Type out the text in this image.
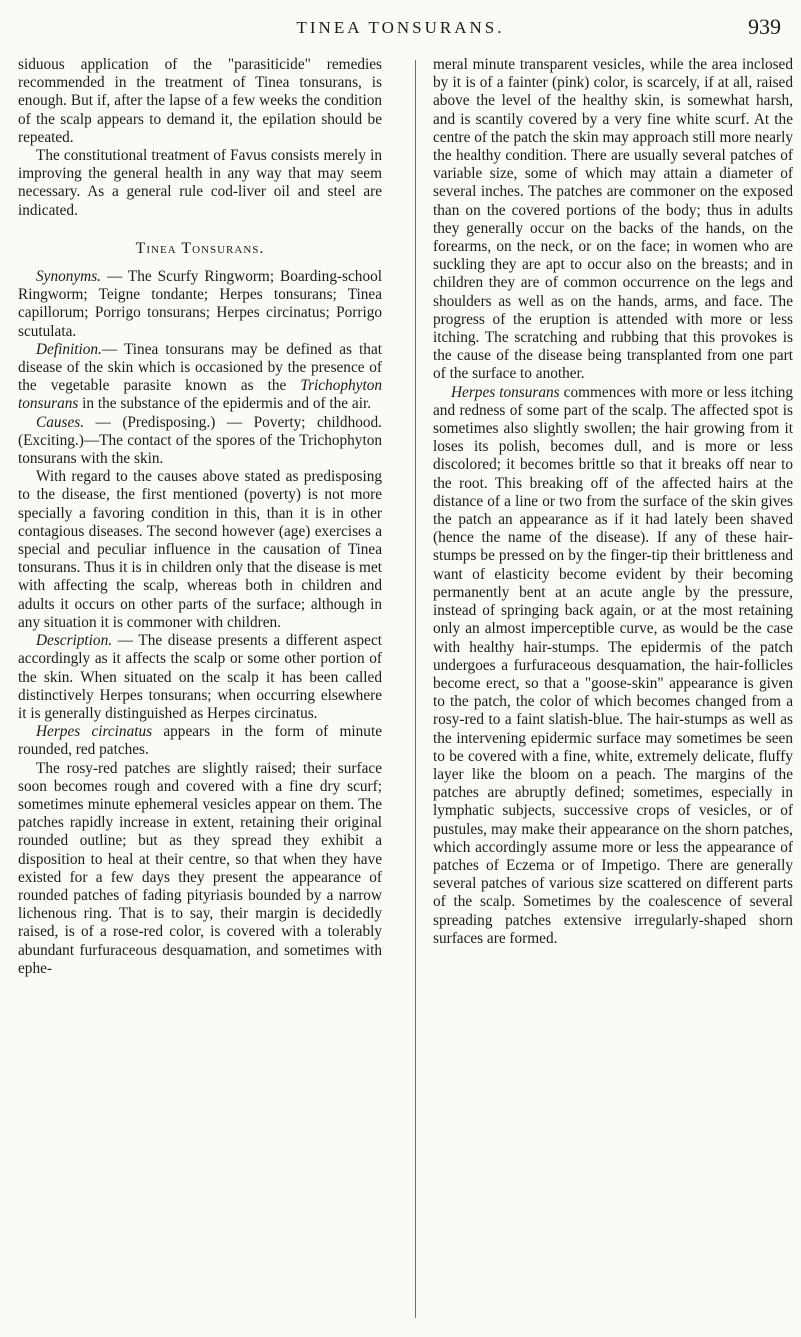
TINEA TONSURANS.	939

siduous application of the "parasiticide" remedies recommended in the treatment of Tinea tonsurans, is enough. But if, after the lapse of a few weeks the condition of the scalp appears to demand it, the epilation should be repeated.

The constitutional treatment of Favus consists merely in improving the general health in any way that may seem necessary. As a general rule cod-liver oil and steel are indicated.

Tinea Tonsurans.

Synonyms. — The Scurfy Ringworm; Boarding-school Ringworm; Teigne tondante; Herpes tonsurans; Tinea capillorum; Porrigo tonsurans; Herpes circinatus; Porrigo scutulata.

Definition.— Tinea tonsurans may be defined as that disease of the skin which is occasioned by the presence of the vegetable parasite known as the Trichophyton tonsurans in the substance of the epidermis and of the air.

Causes. — (Predisposing.) — Poverty; childhood. (Exciting.)—The contact of the spores of the Trichophyton tonsurans with the skin.

With regard to the causes above stated as predisposing to the disease, the first mentioned (poverty) is not more specially a favoring condition in this, than it is in other contagious diseases. The second however (age) exercises a special and peculiar influence in the causation of Tinea tonsurans. Thus it is in children only that the disease is met with affecting the scalp, whereas both in children and adults it occurs on other parts of the surface; although in any situation it is commoner with children.

Description. — The disease presents a different aspect accordingly as it affects the scalp or some other portion of the skin. When situated on the scalp it has been called distinctively Herpes tonsurans; when occurring elsewhere it is generally distinguished as Herpes circinatus.

Herpes circinatus appears in the form of minute rounded, red patches.

The rosy-red patches are slightly raised; their surface soon becomes rough and covered with a fine dry scurf; sometimes minute ephemeral vesicles appear on them. The patches rapidly increase in extent, retaining their original rounded outline; but as they spread they exhibit a disposition to heal at their centre, so that when they have existed for a few days they present the appearance of rounded patches of fading pityriasis bounded by a narrow lichenous ring. That is to say, their margin is decidedly raised, is of a rose-red color, is covered with a tolerably abundant furfuraceous desquamation, and sometimes with ephe-

meral minute transparent vesicles, while the area inclosed by it is of a fainter (pink) color, is scarcely, if at all, raised above the level of the healthy skin, is somewhat harsh, and is scantily covered by a very fine white scurf. At the centre of the patch the skin may approach still more nearly the healthy condition. There are usually several patches of variable size, some of which may attain a diameter of several inches. The patches are commoner on the exposed than on the covered portions of the body; thus in adults they generally occur on the backs of the hands, on the forearms, on the neck, or on the face; in women who are suckling they are apt to occur also on the breasts; and in children they are of common occurrence on the legs and shoulders as well as on the hands, arms, and face. The progress of the eruption is attended with more or less itching. The scratching and rubbing that this provokes is the cause of the disease being transplanted from one part of the surface to another.

Herpes tonsurans commences with more or less itching and redness of some part of the scalp. The affected spot is sometimes also slightly swollen; the hair growing from it loses its polish, becomes dull, and is more or less discolored; it becomes brittle so that it breaks off near to the root. This breaking off of the affected hairs at the distance of a line or two from the surface of the skin gives the patch an appearance as if it had lately been shaved (hence the name of the disease). If any of these hair-stumps be pressed on by the finger-tip their brittleness and want of elasticity become evident by their becoming permanently bent at an acute angle by the pressure, instead of springing back again, or at the most retaining only an almost imperceptible curve, as would be the case with healthy hair-stumps. The epidermis of the patch undergoes a furfuraceous desquamation, the hair-follicles become erect, so that a "goose-skin" appearance is given to the patch, the color of which becomes changed from a rosy-red to a faint slatish-blue. The hair-stumps as well as the intervening epidermic surface may sometimes be seen to be covered with a fine, white, extremely delicate, fluffy layer like the bloom on a peach. The margins of the patches are abruptly defined; sometimes, especially in lymphatic subjects, successive crops of vesicles, or of pustules, may make their appearance on the shorn patches, which accordingly assume more or less the appearance of patches of Eczema or of Impetigo. There are generally several patches of various size scattered on different parts of the scalp. Sometimes by the coalescence of several spreading patches extensive irregularly-shaped shorn surfaces are formed.
